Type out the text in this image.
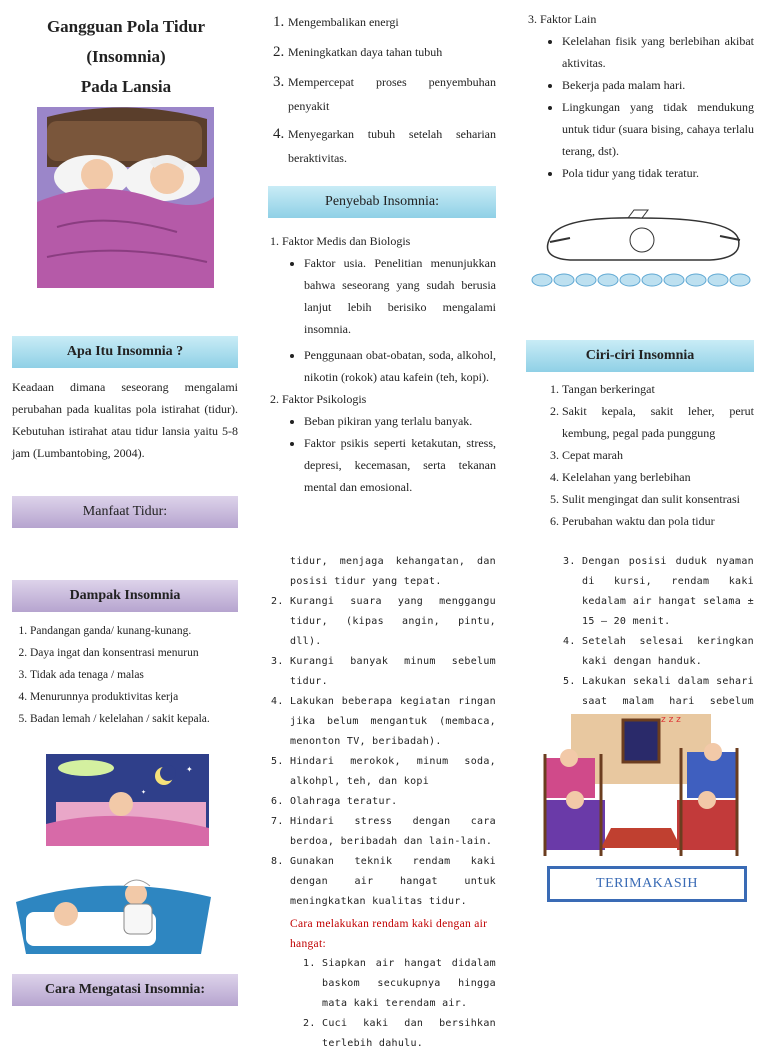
Gangguan Pola Tidur
(Insomnia)
Pada Lansia
Apa Itu Insomnia ?
Keadaan dimana seseorang mengalami perubahan pada kualitas pola istirahat (tidur). Kebutuhan istirahat atau tidur lansia yaitu 5-8 jam (Lumbantobing, 2004).
Manfaat Tidur:
Dampak Insomnia
1. Pandangan ganda/ kunang-kunang.
2. Daya ingat dan konsentrasi menurun
3. Tidak ada tenaga / malas
4. Menurunnya produktivitas kerja
5. Badan lemah / kelelahan / sakit kepala.
✦
✦
Cara Mengatasi Insomnia:
1. Mengembalikan energi
2. Meningkatkan daya tahan tubuh
3. Mempercepat proses penyembuhan penyakit
4. Menyegarkan tubuh setelah seharian beraktivitas.
Penyebab Insomnia:
1. Faktor Medis dan Biologis
• Faktor usia. Penelitian menunjukkan bahwa seseorang yang sudah berusia lanjut lebih berisiko mengalami insomnia.
• Penggunaan obat-obatan, soda, alkohol, nikotin (rokok) atau kafein (teh, kopi).
2. Faktor Psikologis
• Beban pikiran yang terlalu banyak.
• Faktor psikis seperti ketakutan, stress, depresi, kecemasan, serta tekanan mental dan emosional.
tidur, menjaga kehangatan, dan posisi tidur yang tepat.
2. Kurangi suara yang menggangu tidur, (kipas angin, pintu, dll).
3. Kurangi banyak minum sebelum tidur.
4. Lakukan beberapa kegiatan ringan jika belum mengantuk (membaca, menonton TV, beribadah).
5. Hindari merokok, minum soda, alkohpl, teh, dan kopi
6. Olahraga teratur.
7. Hindari stress dengan cara berdoa, beribadah dan lain-lain.
8. Gunakan teknik rendam kaki dengan air hangat untuk meningkatkan kualitas tidur.
Cara melakukan rendam kaki dengan air hangat:
1. Siapkan air hangat didalam baskom secukupnya hingga mata kaki terendam air.
2. Cuci kaki dan bersihkan terlebih dahulu.
3. Faktor Lain
• Kelelahan fisik yang berlebihan akibat aktivitas.
• Bekerja pada malam hari.
• Lingkungan yang tidak mendukung untuk tidur (suara bising, cahaya terlalu terang, dst).
• Pola tidur yang tidak teratur.
Ciri-ciri Insomnia
1. Tangan berkeringat
2. Sakit kepala, sakit leher, perut kembung, pegal pada punggung
3. Cepat marah
4. Kelelahan yang berlebihan
5. Sulit mengingat dan sulit konsentrasi
6. Perubahan waktu dan pola tidur
3. Dengan posisi duduk nyaman di kursi, rendam kaki kedalam air hangat selama ± 15 – 20 menit.
4. Setelah selesai keringkan kaki dengan handuk.
5. Lakukan sekali dalam sehari saat malam hari sebelum
z z z
TERIMAKASIH
